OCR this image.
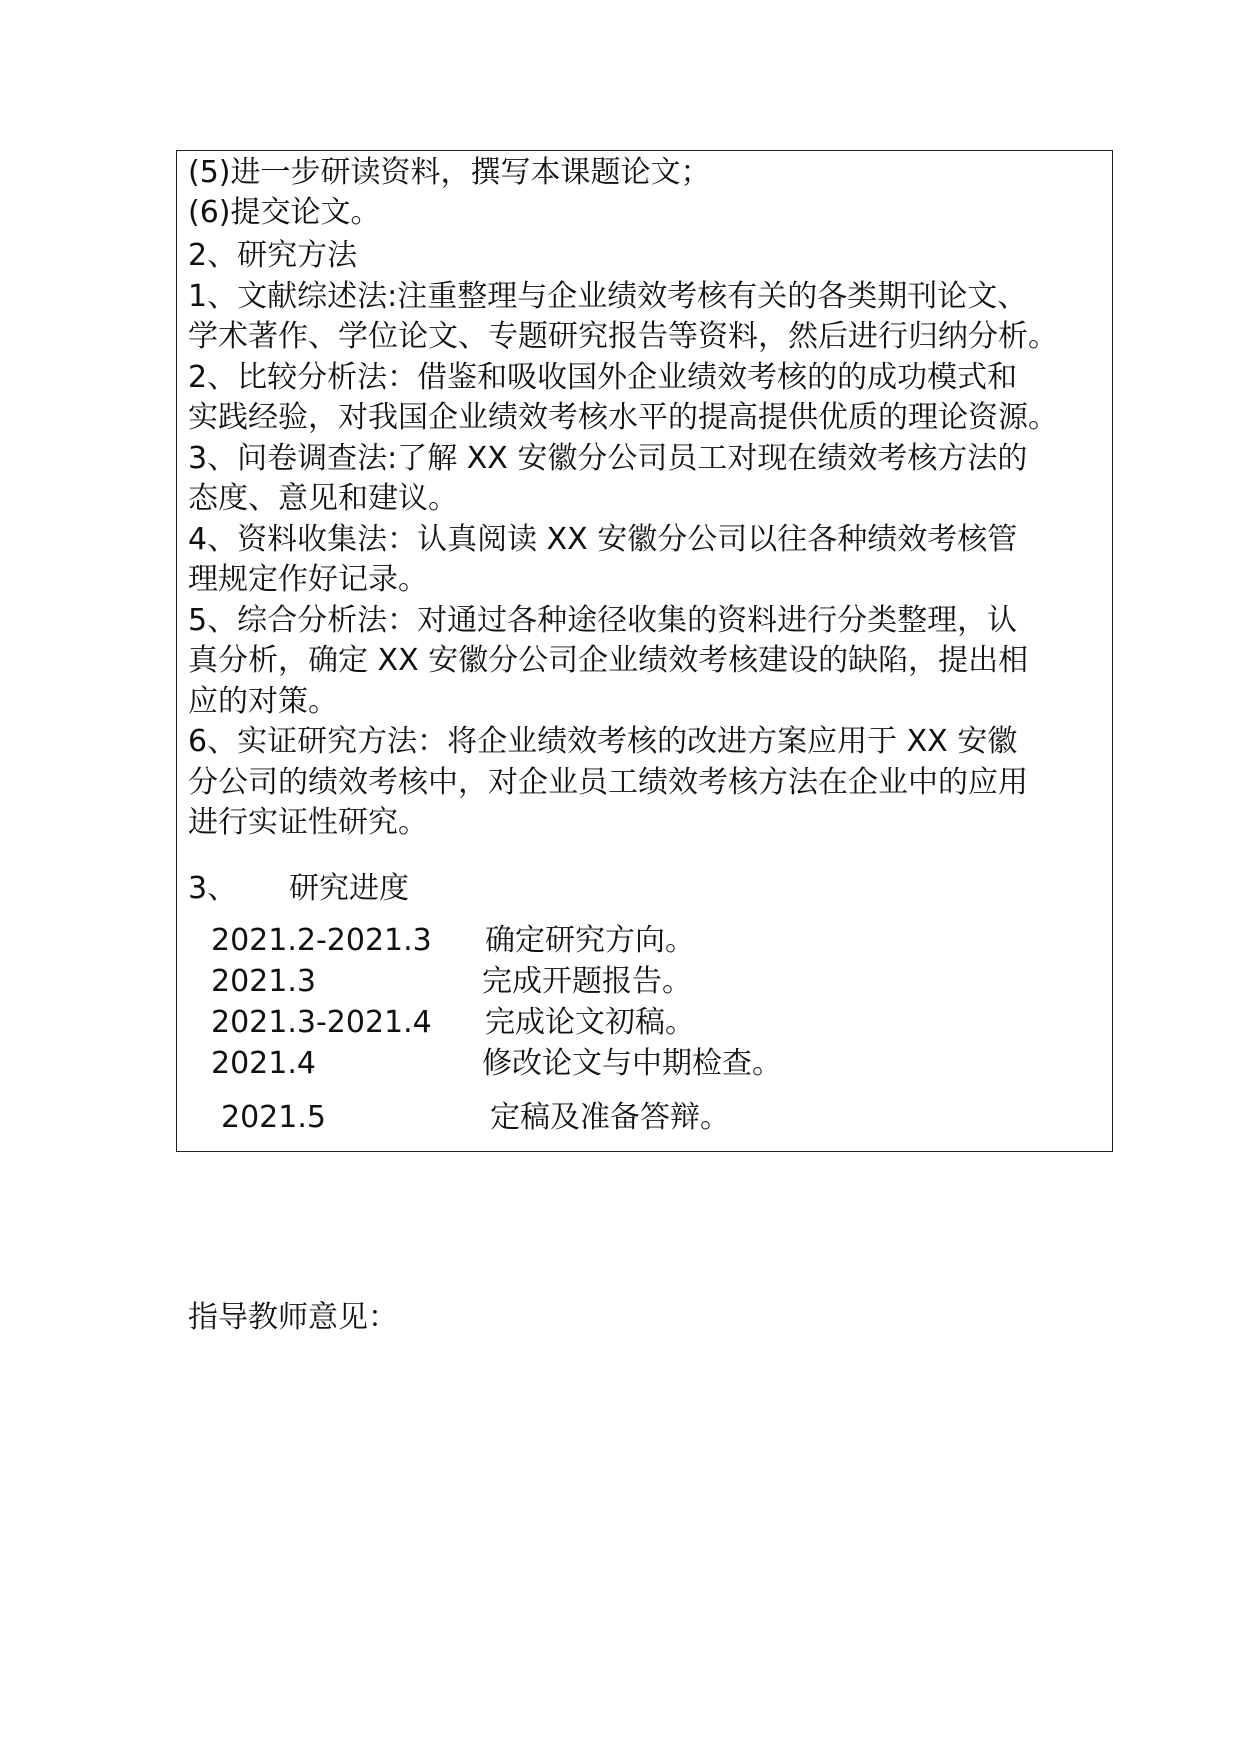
(5)进一步研读资料，撰写本课题论文；
(6)提交论文。
2、研究方法
1、文献综述法:注重整理与企业绩效考核有关的各类期刊论文、
学术著作、学位论文、专题研究报告等资料，然后进行归纳分析。
2、比较分析法：借鉴和吸收国外企业绩效考核的的成功模式和
实践经验，对我国企业绩效考核水平的提高提供优质的理论资源。
3、问卷调查法:了解 XX 安徽分公司员工对现在绩效考核方法的
态度、意见和建议。
4、资料收集法：认真阅读 XX 安徽分公司以往各种绩效考核管
理规定作好记录。
5、综合分析法：对通过各种途径收集的资料进行分类整理，认
真分析，确定 XX 安徽分公司企业绩效考核建设的缺陷，提出相
应的对策。
6、实证研究方法：将企业绩效考核的改进方案应用于 XX 安徽
分公司的绩效考核中，对企业员工绩效考核方法在企业中的应用
进行实证性研究。
3、 研究进度
2021.2-2021.3 确定研究方向。
2021.3	完成开题报告。
2021.3-2021.4 完成论文初稿。
2021.4	修改论文与中期检查。
2021.5	定稿及准备答辩。
指导教师意见：
